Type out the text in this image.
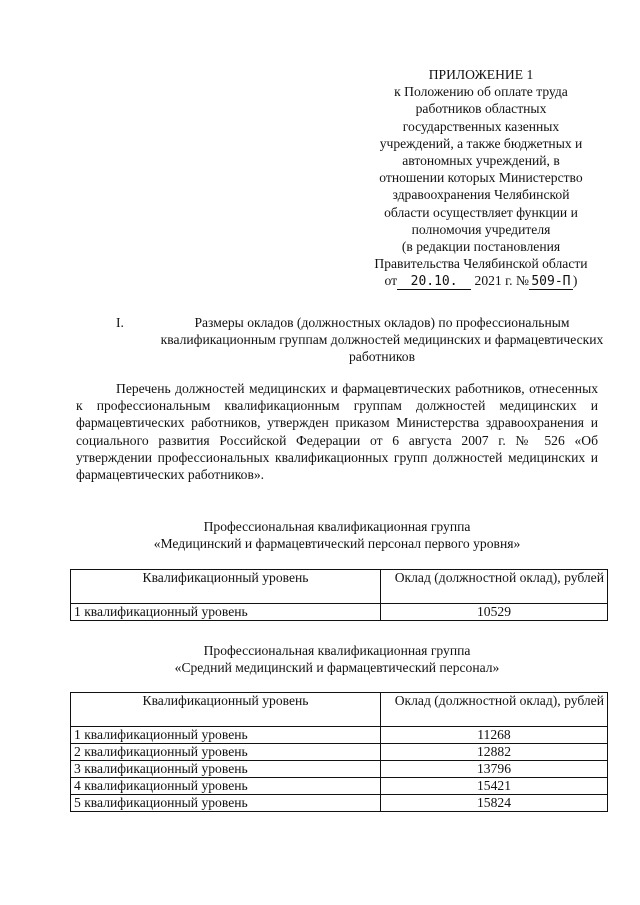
ПРИЛОЖЕНИЕ 1
к Положению об оплате труда
работников областных
государственных казенных
учреждений, а также бюджетных и
автономных учреждений, в
отношении которых Министерство
здравоохранения Челябинской
области осуществляет функции и
полномочия учредителя
(в редакции постановления
Правительства Челябинской области
от 20.10. 2021 г. № 509-П )
I.	Размеры окладов (должностных окладов) по профессиональным квалификационным группам должностей медицинских и фармацевтических работников
Перечень должностей медицинских и фармацевтических работников, отнесенных к профессиональным квалификационным группам должностей медицинских и фармацевтических работников, утвержден приказом Министерства здравоохранения и социального развития Российской Федерации от 6 августа 2007 г. № 526 «Об утверждении профессиональных квалификационных групп должностей медицинских и фармацевтических работников».
Профессиональная квалификационная группа
«Медицинский и фармацевтический персонал первого уровня»
Квалификационный уровень	Оклад (должностной оклад), рублей
1 квалификационный уровень	10529
Профессиональная квалификационная группа
«Средний медицинский и фармацевтический персонал»
Квалификационный уровень	Оклад (должностной оклад), рублей
1 квалификационный уровень	11268
2 квалификационный уровень	12882
3 квалификационный уровень	13796
4 квалификационный уровень	15421
5 квалификационный уровень	15824
